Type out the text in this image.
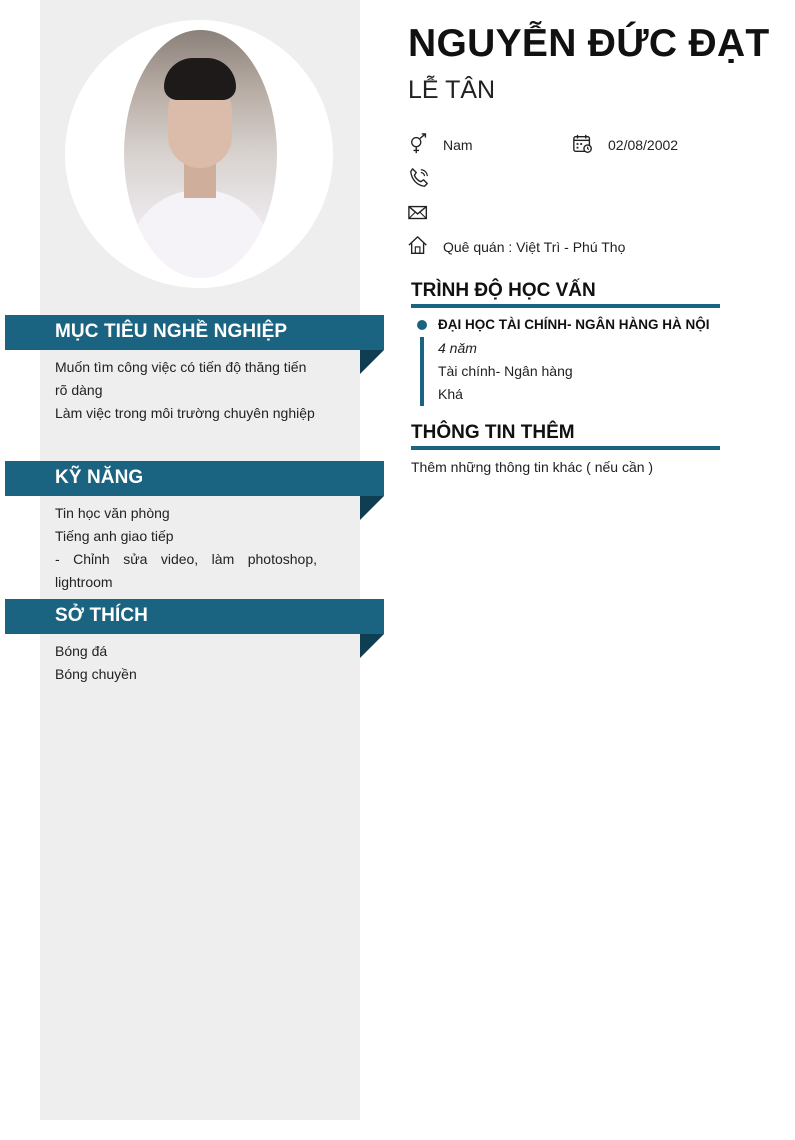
MỤC TIÊU NGHỀ NGHIỆP

Muốn tìm công việc có tiến độ thăng tiến rõ dàng

Làm việc trong môi trường chuyên nghiệp

KỸ NĂNG

Tin học văn phòng

Tiếng anh giao tiếp

- Chỉnh sửa video, làm photoshop, lightroom

SỞ THÍCH

Bóng đá

Bóng chuyền

NGUYỄN ĐỨC ĐẠT
LỄ TÂN
Nam	02/08/2002
Quê quán : Việt Trì - Phú Thọ
TRÌNH ĐỘ HỌC VẤN
ĐẠI HỌC TÀI CHÍNH- NGÂN HÀNG HÀ NỘI
4 năm
Tài chính- Ngân hàng
Khá
THÔNG TIN THÊM
Thêm những thông tin khác ( nếu cần )
